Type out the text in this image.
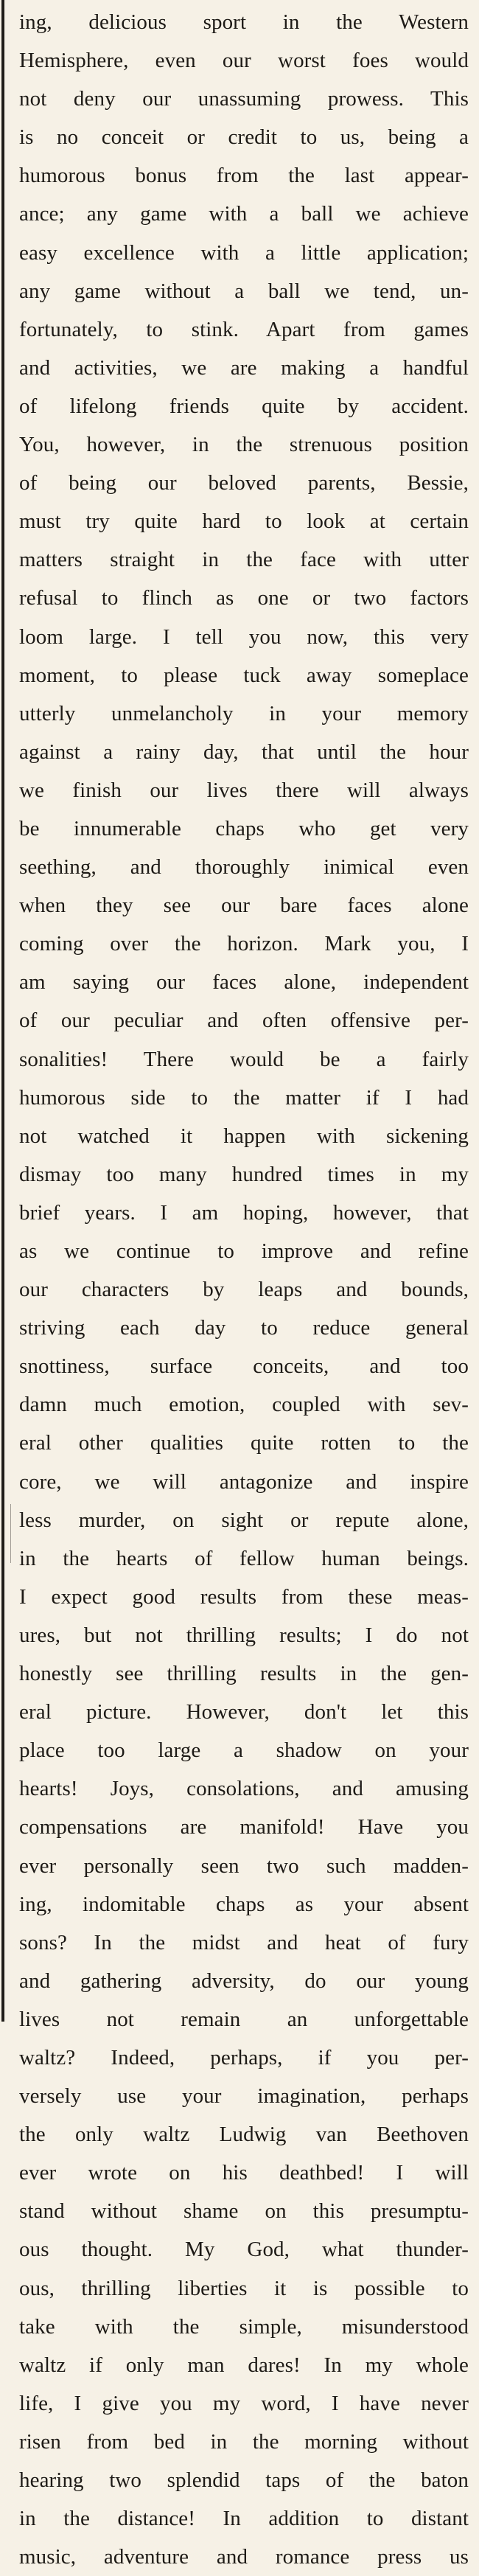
ing, delicious sport in the Western
Hemisphere, even our worst foes would
not deny our unassuming prowess. This
is no conceit or credit to us, being a
humorous bonus from the last appear-
ance; any game with a ball we achieve
easy excellence with a little application;
any game without a ball we tend, un-
fortunately, to stink. Apart from games
and activities, we are making a handful
of lifelong friends quite by accident.
You, however, in the strenuous position
of being our beloved parents, Bessie,
must try quite hard to look at certain
matters straight in the face with utter
refusal to flinch as one or two factors
loom large. I tell you now, this very
moment, to please tuck away someplace
utterly unmelancholy in your memory
against a rainy day, that until the hour
we finish our lives there will always
be innumerable chaps who get very
seething, and thoroughly inimical even
when they see our bare faces alone
coming over the horizon. Mark you, I
am saying our faces alone, independent
of our peculiar and often offensive per-
sonalities! There would be a fairly
humorous side to the matter if I had
not watched it happen with sickening
dismay too many hundred times in my
brief years. I am hoping, however, that
as we continue to improve and refine
our characters by leaps and bounds,
striving each day to reduce general
snottiness, surface conceits, and too
damn much emotion, coupled with sev-
eral other qualities quite rotten to the
core, we will antagonize and inspire
less murder, on sight or repute alone,
in the hearts of fellow human beings.
I expect good results from these meas-
ures, but not thrilling results; I do not
honestly see thrilling results in the gen-
eral picture. However, don't let this
place too large a shadow on your
hearts! Joys, consolations, and amusing
compensations are manifold! Have you
ever personally seen two such madden-
ing, indomitable chaps as your absent
sons? In the midst and heat of fury
and gathering adversity, do our young
lives not remain an unforgettable
waltz? Indeed, perhaps, if you per-
versely use your imagination, perhaps
the only waltz Ludwig van Beethoven
ever wrote on his deathbed! I will
stand without shame on this presumptu-
ous thought. My God, what thunder-
ous, thrilling liberties it is possible to
take with the simple, misunderstood
waltz if only man dares! In my whole
life, I give you my word, I have never
risen from bed in the morning without
hearing two splendid taps of the baton
in the distance! In addition to distant
music, adventure and romance press us
